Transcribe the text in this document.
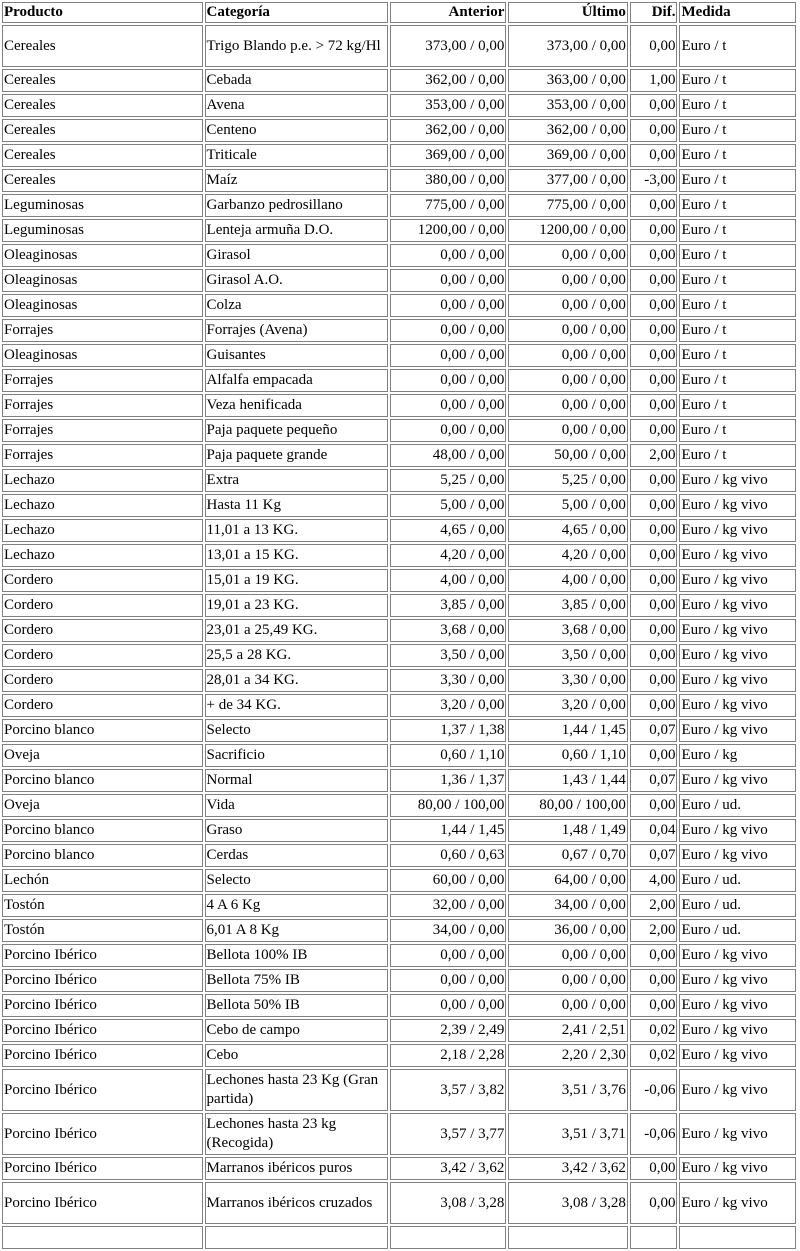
Producto	Categoría	Anterior	Último	Dif.	Medida
Cereales	Trigo Blando p.e. > 72 kg/Hl	373,00 / 0,00	373,00 / 0,00	0,00	Euro / t
Cereales	Cebada	362,00 / 0,00	363,00 / 0,00	1,00	Euro / t
Cereales	Avena	353,00 / 0,00	353,00 / 0,00	0,00	Euro / t
Cereales	Centeno	362,00 / 0,00	362,00 / 0,00	0,00	Euro / t
Cereales	Triticale	369,00 / 0,00	369,00 / 0,00	0,00	Euro / t
Cereales	Maíz	380,00 / 0,00	377,00 / 0,00	-3,00	Euro / t
Leguminosas	Garbanzo pedrosillano	775,00 / 0,00	775,00 / 0,00	0,00	Euro / t
Leguminosas	Lenteja armuña D.O.	1200,00 / 0,00	1200,00 / 0,00	0,00	Euro / t
Oleaginosas	Girasol	0,00 / 0,00	0,00 / 0,00	0,00	Euro / t
Oleaginosas	Girasol A.O.	0,00 / 0,00	0,00 / 0,00	0,00	Euro / t
Oleaginosas	Colza	0,00 / 0,00	0,00 / 0,00	0,00	Euro / t
Forrajes	Forrajes (Avena)	0,00 / 0,00	0,00 / 0,00	0,00	Euro / t
Oleaginosas	Guisantes	0,00 / 0,00	0,00 / 0,00	0,00	Euro / t
Forrajes	Alfalfa empacada	0,00 / 0,00	0,00 / 0,00	0,00	Euro / t
Forrajes	Veza henificada	0,00 / 0,00	0,00 / 0,00	0,00	Euro / t
Forrajes	Paja paquete pequeño	0,00 / 0,00	0,00 / 0,00	0,00	Euro / t
Forrajes	Paja paquete grande	48,00 / 0,00	50,00 / 0,00	2,00	Euro / t
Lechazo	Extra	5,25 / 0,00	5,25 / 0,00	0,00	Euro / kg vivo
Lechazo	Hasta 11 Kg	5,00 / 0,00	5,00 / 0,00	0,00	Euro / kg vivo
Lechazo	11,01 a 13 KG.	4,65 / 0,00	4,65 / 0,00	0,00	Euro / kg vivo
Lechazo	13,01 a 15 KG.	4,20 / 0,00	4,20 / 0,00	0,00	Euro / kg vivo
Cordero	15,01 a 19 KG.	4,00 / 0,00	4,00 / 0,00	0,00	Euro / kg vivo
Cordero	19,01 a 23 KG.	3,85 / 0,00	3,85 / 0,00	0,00	Euro / kg vivo
Cordero	23,01 a 25,49 KG.	3,68 / 0,00	3,68 / 0,00	0,00	Euro / kg vivo
Cordero	25,5 a 28 KG.	3,50 / 0,00	3,50 / 0,00	0,00	Euro / kg vivo
Cordero	28,01 a 34 KG.	3,30 / 0,00	3,30 / 0,00	0,00	Euro / kg vivo
Cordero	+ de 34 KG.	3,20 / 0,00	3,20 / 0,00	0,00	Euro / kg vivo
Porcino blanco	Selecto	1,37 / 1,38	1,44 / 1,45	0,07	Euro / kg vivo
Oveja	Sacrificio	0,60 / 1,10	0,60 / 1,10	0,00	Euro / kg
Porcino blanco	Normal	1,36 / 1,37	1,43 / 1,44	0,07	Euro / kg vivo
Oveja	Vida	80,00 / 100,00	80,00 / 100,00	0,00	Euro / ud.
Porcino blanco	Graso	1,44 / 1,45	1,48 / 1,49	0,04	Euro / kg vivo
Porcino blanco	Cerdas	0,60 / 0,63	0,67 / 0,70	0,07	Euro / kg vivo
Lechón	Selecto	60,00 / 0,00	64,00 / 0,00	4,00	Euro / ud.
Tostón	4 A 6 Kg	32,00 / 0,00	34,00 / 0,00	2,00	Euro / ud.
Tostón	6,01 A 8 Kg	34,00 / 0,00	36,00 / 0,00	2,00	Euro / ud.
Porcino Ibérico	Bellota 100% IB	0,00 / 0,00	0,00 / 0,00	0,00	Euro / kg vivo
Porcino Ibérico	Bellota 75% IB	0,00 / 0,00	0,00 / 0,00	0,00	Euro / kg vivo
Porcino Ibérico	Bellota 50% IB	0,00 / 0,00	0,00 / 0,00	0,00	Euro / kg vivo
Porcino Ibérico	Cebo de campo	2,39 / 2,49	2,41 / 2,51	0,02	Euro / kg vivo
Porcino Ibérico	Cebo	2,18 / 2,28	2,20 / 2,30	0,02	Euro / kg vivo
Porcino Ibérico	Lechones hasta 23 Kg (Gran partida)	3,57 / 3,82	3,51 / 3,76	-0,06	Euro / kg vivo
Porcino Ibérico	Lechones hasta 23 kg (Recogida)	3,57 / 3,77	3,51 / 3,71	-0,06	Euro / kg vivo
Porcino Ibérico	Marranos ibéricos puros	3,42 / 3,62	3,42 / 3,62	0,00	Euro / kg vivo
Porcino Ibérico	Marranos ibéricos cruzados	3,08 / 3,28	3,08 / 3,28	0,00	Euro / kg vivo
